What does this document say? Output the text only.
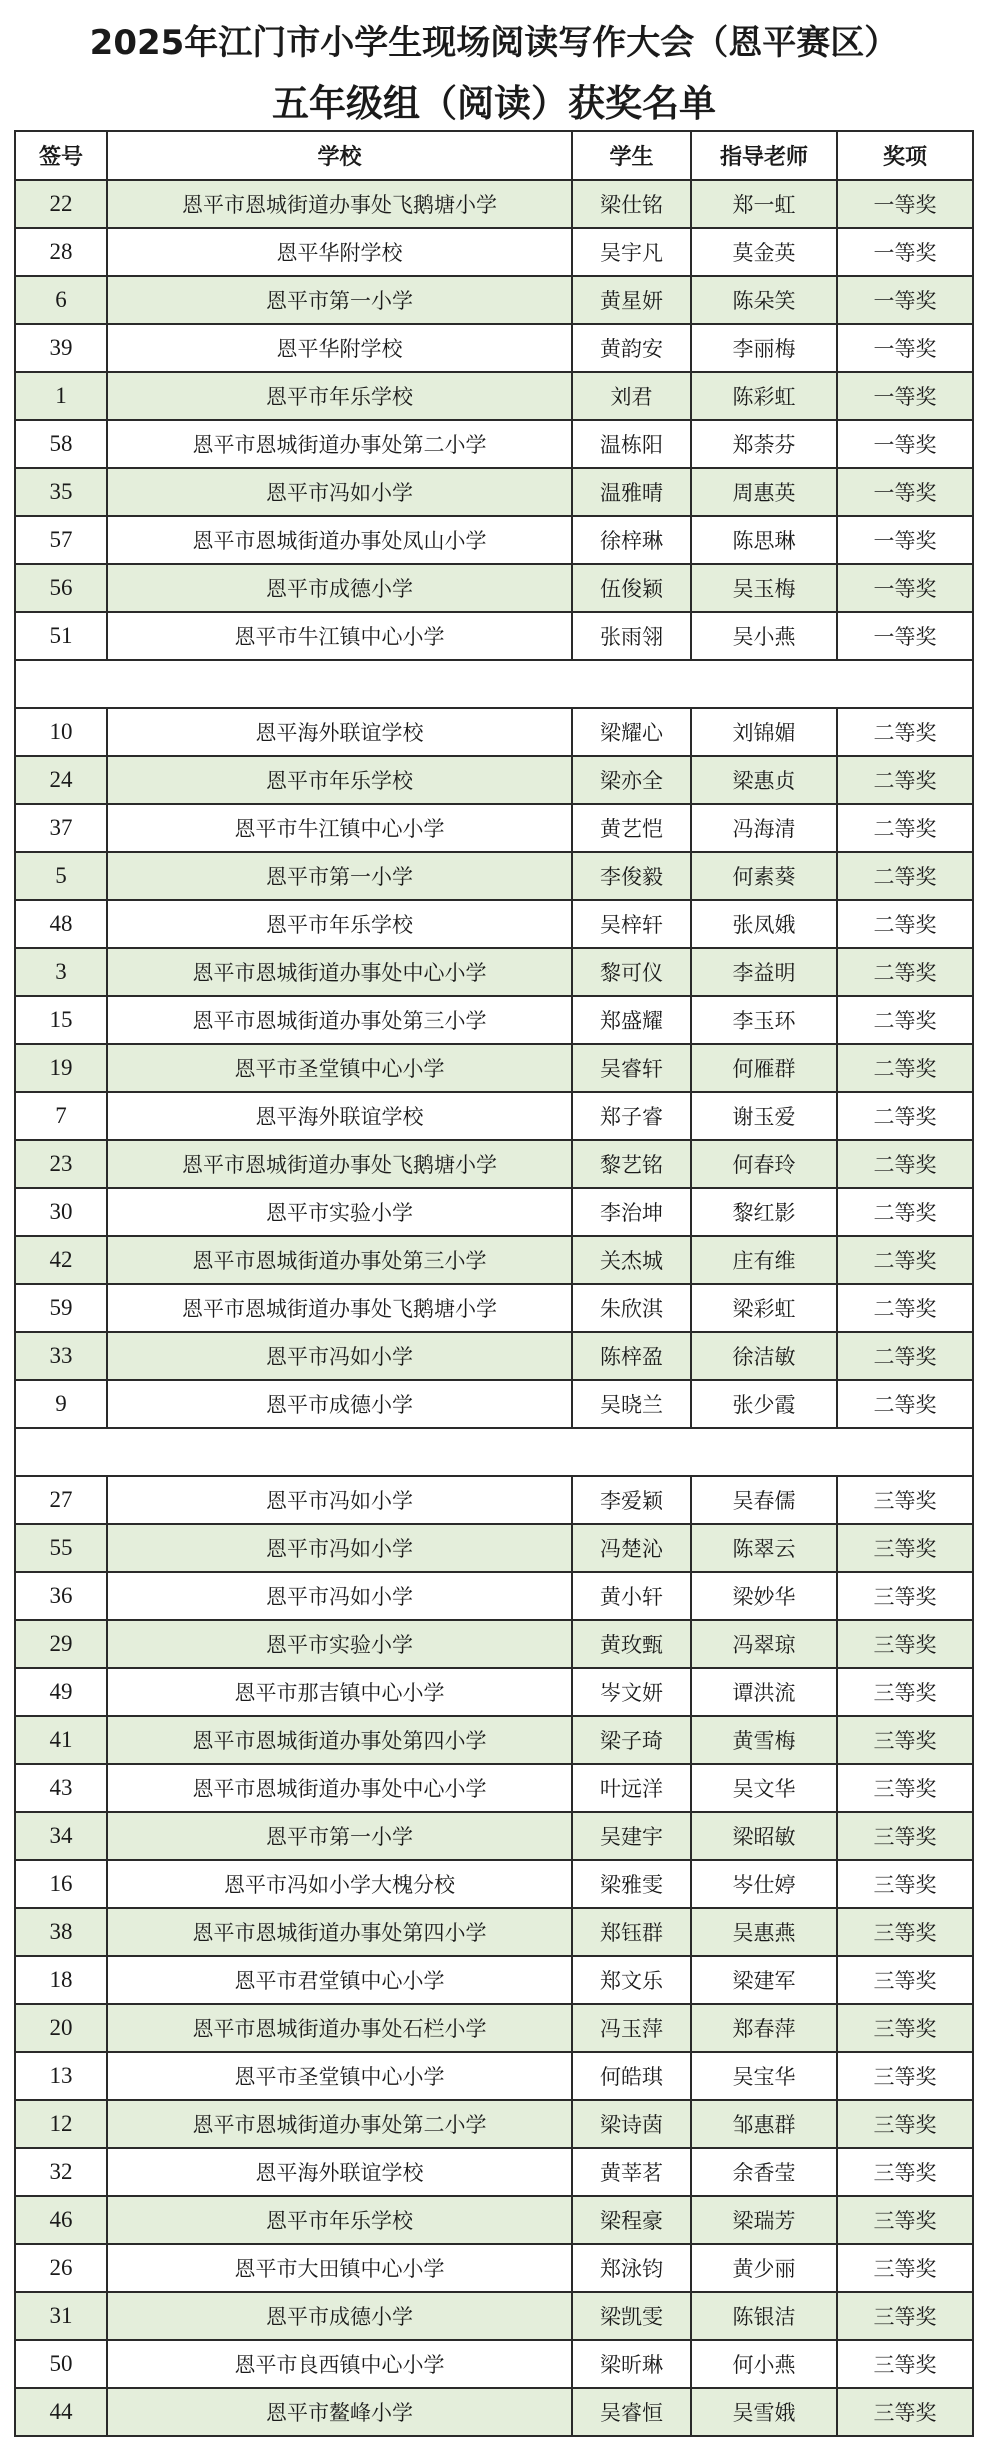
2025年江门市小学生现场阅读写作大会（恩平赛区）
五年级组（阅读）获奖名单
签号	学校	学生	指导老师	奖项
22	恩平市恩城街道办事处飞鹅塘小学	梁仕铭	郑一虹	一等奖
28	恩平华附学校	吴宇凡	莫金英	一等奖
6	恩平市第一小学	黄星妍	陈朵笑	一等奖
39	恩平华附学校	黄韵安	李丽梅	一等奖
1	恩平市年乐学校	刘君	陈彩虹	一等奖
58	恩平市恩城街道办事处第二小学	温栋阳	郑荼芬	一等奖
35	恩平市冯如小学	温雅晴	周惠英	一等奖
57	恩平市恩城街道办事处凤山小学	徐梓琳	陈思琳	一等奖
56	恩平市成德小学	伍俊颖	吴玉梅	一等奖
51	恩平市牛江镇中心小学	张雨翎	吴小燕	一等奖

10	恩平海外联谊学校	梁耀心	刘锦媚	二等奖
24	恩平市年乐学校	梁亦全	梁惠贞	二等奖
37	恩平市牛江镇中心小学	黄艺恺	冯海清	二等奖
5	恩平市第一小学	李俊毅	何素葵	二等奖
48	恩平市年乐学校	吴梓轩	张凤娥	二等奖
3	恩平市恩城街道办事处中心小学	黎可仪	李益明	二等奖
15	恩平市恩城街道办事处第三小学	郑盛耀	李玉环	二等奖
19	恩平市圣堂镇中心小学	吴睿轩	何雁群	二等奖
7	恩平海外联谊学校	郑子睿	谢玉爱	二等奖
23	恩平市恩城街道办事处飞鹅塘小学	黎艺铭	何春玲	二等奖
30	恩平市实验小学	李治坤	黎红影	二等奖
42	恩平市恩城街道办事处第三小学	关杰城	庄有维	二等奖
59	恩平市恩城街道办事处飞鹅塘小学	朱欣淇	梁彩虹	二等奖
33	恩平市冯如小学	陈梓盈	徐洁敏	二等奖
9	恩平市成德小学	吴晓兰	张少霞	二等奖

27	恩平市冯如小学	李爱颖	吴春儒	三等奖
55	恩平市冯如小学	冯楚沁	陈翠云	三等奖
36	恩平市冯如小学	黄小轩	梁妙华	三等奖
29	恩平市实验小学	黄玫甄	冯翠琼	三等奖
49	恩平市那吉镇中心小学	岑文妍	谭洪流	三等奖
41	恩平市恩城街道办事处第四小学	梁子琦	黄雪梅	三等奖
43	恩平市恩城街道办事处中心小学	叶远洋	吴文华	三等奖
34	恩平市第一小学	吴建宇	梁昭敏	三等奖
16	恩平市冯如小学大槐分校	梁雅雯	岑仕婷	三等奖
38	恩平市恩城街道办事处第四小学	郑钰群	吴惠燕	三等奖
18	恩平市君堂镇中心小学	郑文乐	梁建军	三等奖
20	恩平市恩城街道办事处石栏小学	冯玉萍	郑春萍	三等奖
13	恩平市圣堂镇中心小学	何皓琪	吴宝华	三等奖
12	恩平市恩城街道办事处第二小学	梁诗茵	邹惠群	三等奖
32	恩平海外联谊学校	黄莘茗	余香莹	三等奖
46	恩平市年乐学校	梁程豪	梁瑞芳	三等奖
26	恩平市大田镇中心小学	郑泳钧	黄少丽	三等奖
31	恩平市成德小学	梁凯雯	陈银洁	三等奖
50	恩平市良西镇中心小学	梁昕琳	何小燕	三等奖
44	恩平市鳌峰小学	吴睿恒	吴雪娥	三等奖
